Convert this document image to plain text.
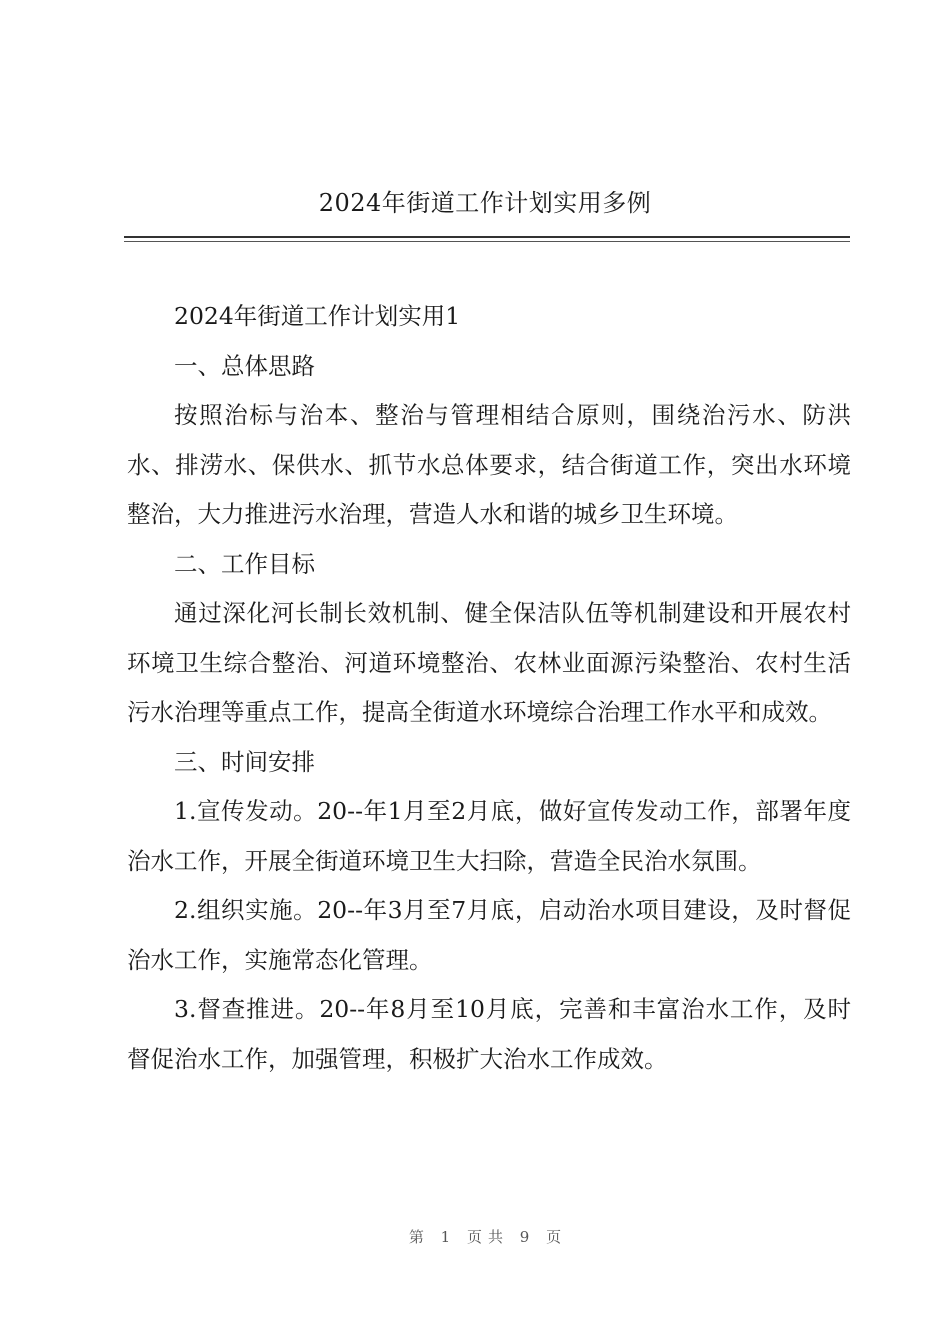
2024年街道工作计划实用多例

2024年街道工作计划实用1

一、总体思路

按照治标与治本、整治与管理相结合原则，围绕治污水、防洪水、排涝水、保供水、抓节水总体要求，结合街道工作，突出水环境整治，大力推进污水治理，营造人水和谐的城乡卫生环境。

二、工作目标

通过深化河长制长效机制、健全保洁队伍等机制建设和开展农村环境卫生综合整治、河道环境整治、农林业面源污染整治、农村生活污水治理等重点工作，提高全街道水环境综合治理工作水平和成效。

三、时间安排

1.宣传发动。20--年1月至2月底，做好宣传发动工作，部署年度治水工作，开展全街道环境卫生大扫除，营造全民治水氛围。

2.组织实施。20--年3月至7月底，启动治水项目建设，及时督促治水工作，实施常态化管理。

3.督查推进。20--年8月至10月底，完善和丰富治水工作，及时督促治水工作，加强管理，积极扩大治水工作成效。

第 1 页共 9 页
